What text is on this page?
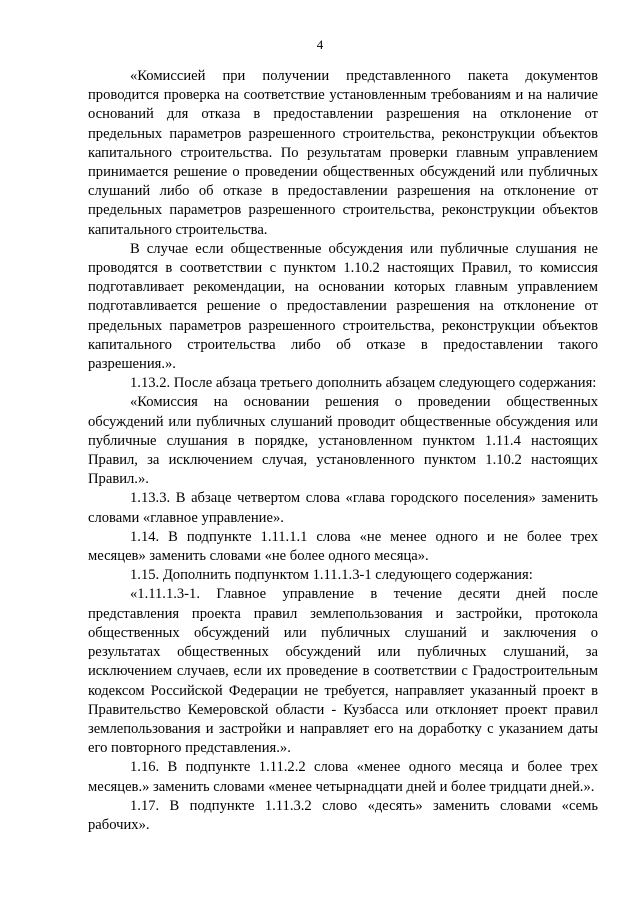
4

«Комиссией при получении представленного пакета документов проводится проверка на соответствие установленным требованиям и на наличие оснований для отказа в предоставлении разрешения на отклонение от предельных параметров разрешенного строительства, реконструкции объектов капитального строительства. По результатам проверки главным управлением принимается решение о проведении общественных обсуждений или публичных слушаний либо об отказе в предоставлении разрешения на отклонение от предельных параметров разрешенного строительства, реконструкции объектов капитального строительства.

В случае если общественные обсуждения или публичные слушания не проводятся в соответствии с пунктом 1.10.2 настоящих Правил, то комиссия подготавливает рекомендации, на основании которых главным управлением подготавливается решение о предоставлении разрешения на отклонение от предельных параметров разрешенного строительства, реконструкции объектов капитального строительства либо об отказе в предоставлении такого разрешения.».

1.13.2. После абзаца третьего дополнить абзацем следующего содержания:

«Комиссия на основании решения о проведении общественных обсуждений или публичных слушаний проводит общественные обсуждения или публичные слушания в порядке, установленном пунктом 1.11.4 настоящих Правил, за исключением случая, установленного пунктом 1.10.2 настоящих Правил.».

1.13.3. В абзаце четвертом слова «глава городского поселения» заменить словами «главное управление».

1.14. В подпункте 1.11.1.1 слова «не менее одного и не более трех месяцев» заменить словами «не более одного месяца».

1.15. Дополнить подпунктом 1.11.1.3-1 следующего содержания:

«1.11.1.3-1. Главное управление в течение десяти дней после представления проекта правил землепользования и застройки, протокола общественных обсуждений или публичных слушаний и заключения о результатах общественных обсуждений или публичных слушаний, за исключением случаев, если их проведение в соответствии с Градостроительным кодексом Российской Федерации не требуется, направляет указанный проект в Правительство Кемеровской области - Кузбасса или отклоняет проект правил землепользования и застройки и направляет его на доработку с указанием даты его повторного представления.».

1.16. В подпункте 1.11.2.2 слова «менее одного месяца и более трех месяцев.» заменить словами «менее четырнадцати дней и более тридцати дней.».

1.17. В подпункте 1.11.3.2 слово «десять» заменить словами «семь рабочих».
